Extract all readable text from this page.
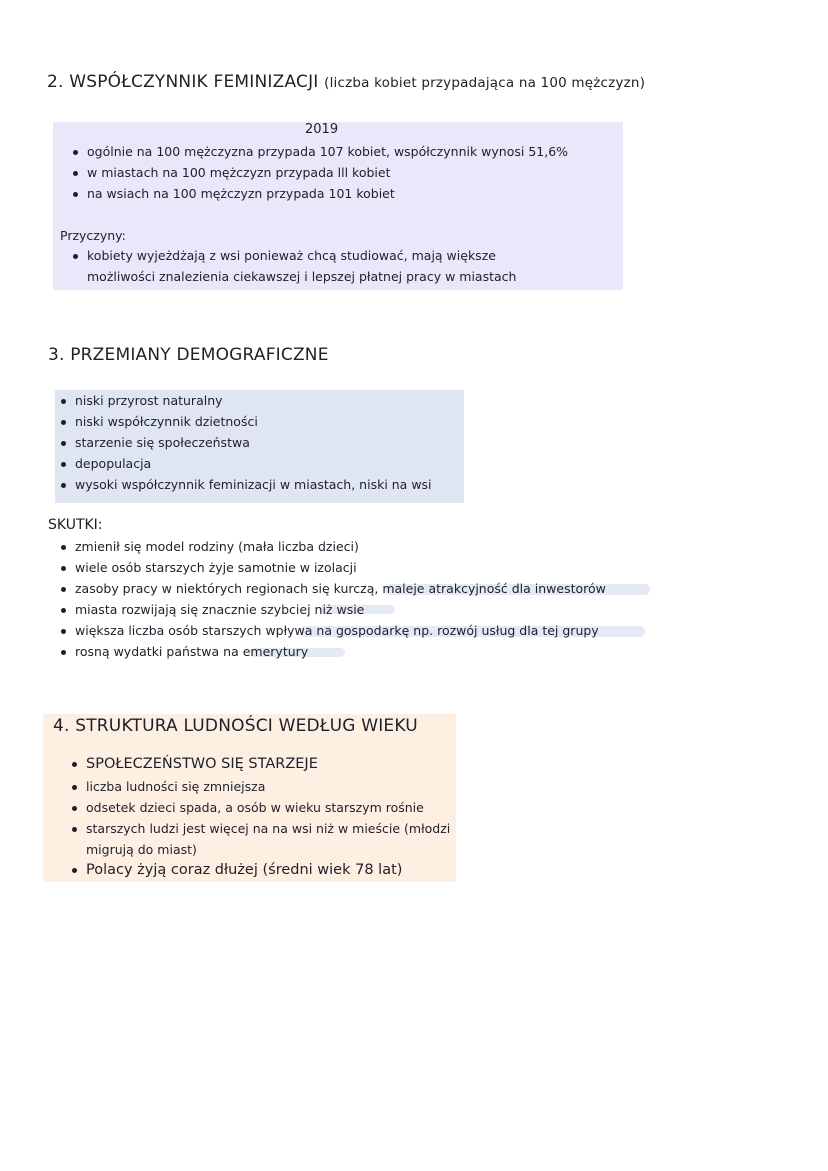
2. WSPÓŁCZYNNIK FEMINIZACJI (liczba kobiet przypadająca na 100 mężczyzn)
2019
ogólnie na 100 mężczyzna przypada 107 kobiet, współczynnik wynosi 51,6%
w miastach na 100 mężczyzn przypada lll kobiet
na wsiach na 100 mężczyzn przypada 101 kobiet
Przyczyny:
kobiety wyjeżdżają z wsi ponieważ chcą studiować, mają większe
możliwości znalezienia ciekawszej i lepszej płatnej pracy w miastach
3. PRZEMIANY DEMOGRAFICZNE
niski przyrost naturalny
niski współczynnik dzietności
starzenie się społeczeństwa
depopulacja
wysoki współczynnik feminizacji w miastach, niski na wsi
SKUTKI:
zmienił się model rodziny (mała liczba dzieci)
wiele osób starszych żyje samotnie w izolacji
zasoby pracy w niektórych regionach się kurczą, maleje atrakcyjność dla inwestorów
miasta rozwijają się znacznie szybciej niż wsie
większa liczba osób starszych wpływa na gospodarkę np. rozwój usług dla tej grupy
rosną wydatki państwa na emerytury
4. STRUKTURA LUDNOŚCI WEDŁUG WIEKU
SPOŁECZEŃSTWO SIĘ STARZEJE
liczba ludności się zmniejsza
odsetek dzieci spada, a osób w wieku starszym rośnie
starszych ludzi jest więcej na na wsi niż w mieście (młodzi
migrują do miast)
Polacy żyją coraz dłużej (średni wiek 78 lat)
